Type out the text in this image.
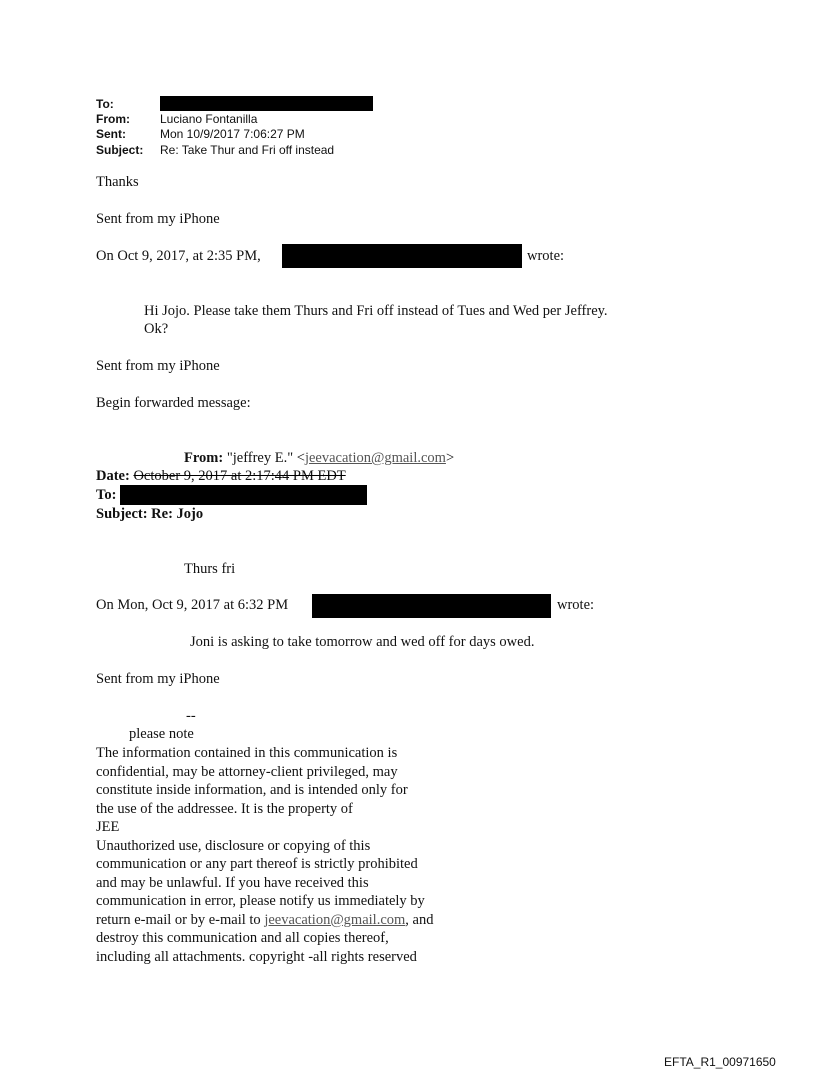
To:
From:	Luciano Fontanilla
Sent:	Mon 10/9/2017 7:06:27 PM
Subject: Re: Take Thur and Fri off instead
Thanks
Sent from my iPhone
On Oct 9, 2017, at 2:35 PM,	wrote:
Hi Jojo. Please take them Thurs and Fri off instead of Tues and Wed per Jeffrey.
Ok?
Sent from my iPhone
Begin forwarded message:
From: "jeffrey E." <jeevacation@gmail.com>
Date: October 9, 2017 at 2:17:44 PM EDT
To:
Subject: Re: Jojo
Thurs fri
On Mon, Oct 9, 2017 at 6:32 PM	wrote:
Joni is asking to take tomorrow and wed off for days owed.
Sent from my iPhone
--
please note
The information contained in this communication is
confidential, may be attorney-client privileged, may
constitute inside information, and is intended only for
the use of the addressee. It is the property of
JEE
Unauthorized use, disclosure or copying of this
communication or any part thereof is strictly prohibited
and may be unlawful. If you have received this
communication in error, please notify us immediately by
return e-mail or by e-mail to jeevacation@gmail.com, and
destroy this communication and all copies thereof,
including all attachments. copyright -all rights reserved
EFTA_R1_00971650
